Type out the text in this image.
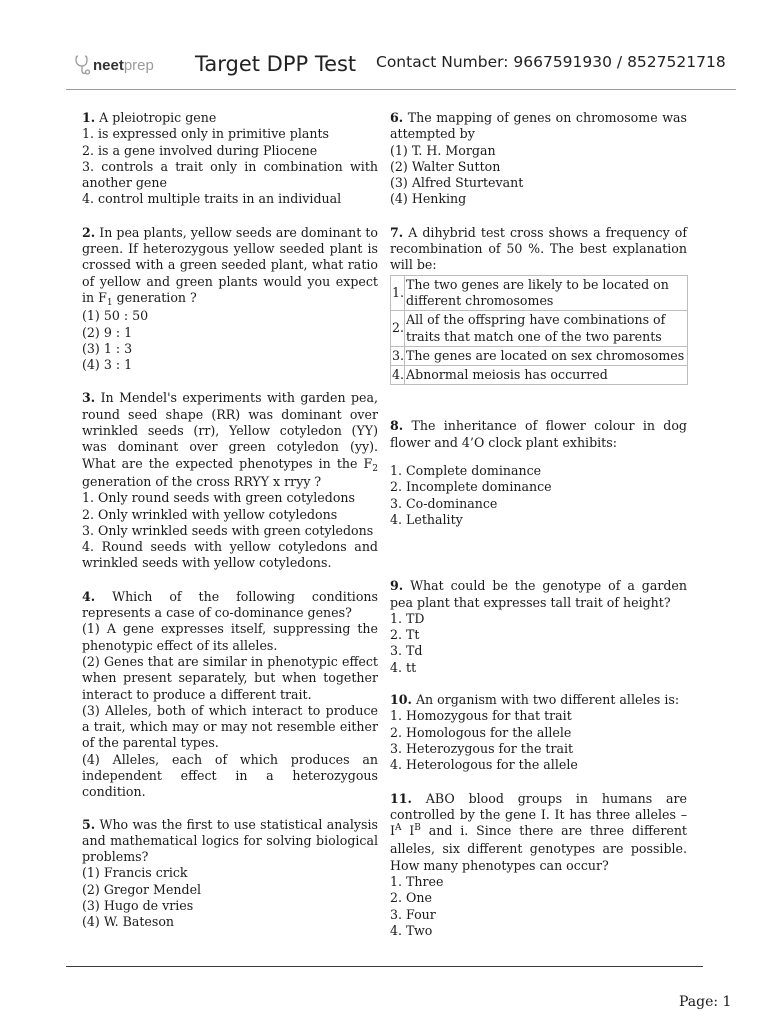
neet prep Target DPP Test Contact Number: 9667591930 / 8527521718
1. A pleiotropic gene
1. is expressed only in primitive plants
2. is a gene involved during Pliocene
3. controls a trait only in combination with another gene
4. control multiple traits in an individual
2. In pea plants, yellow seeds are dominant to green. If heterozygous yellow seeded plant is crossed with a green seeded plant, what ratio of yellow and green plants would you expect in $F_1$ generation ?
(1) 50 : 50
(2) 9 : 1
(3) 1 : 3
(4) 3 : 1
3. In Mendel's experiments with garden pea, round seed shape (RR) was dominant over wrinkled seeds (rr), Yellow cotyledon (YY) was dominant over green cotyledon (yy). What are the expected phenotypes in the $F_2$ generation of the cross RRYY x rryy ?
1. Only round seeds with green cotyledons
2. Only wrinkled with yellow cotyledons
3. Only wrinkled seeds with green cotyledons
4. Round seeds with yellow cotyledons and wrinkled seeds with yellow cotyledons.
4. Which of the following conditions represents a case of co-dominance genes?
(1) A gene expresses itself, suppressing the phenotypic effect of its alleles.
(2) Genes that are similar in phenotypic effect when present separately, but when together interact to produce a different trait.
(3) Alleles, both of which interact to produce a trait, which may or may not resemble either of the parental types.
(4) Alleles, each of which produces an independent effect in a heterozygous condition.
5. Who was the first to use statistical analysis and mathematical logics for solving biological problems?
(1) Francis crick
(2) Gregor Mendel
(3) Hugo de vries
(4) W. Bateson
6. The mapping of genes on chromosome was attempted by
(1) T. H. Morgan
(2) Walter Sutton
(3) Alfred Sturtevant
(4) Henking
7. A dihybrid test cross shows a frequency of recombination of 50 %. The best explanation will be:
1.	The two genes are likely to be located on different chromosomes
2.	All of the offspring have combinations of traits that match one of the two parents
3.	The genes are located on sex chromosomes
4.	Abnormal meiosis has occurred
8. The inheritance of flower colour in dog flower and 4’O clock plant exhibits:
1. Complete dominance
2. Incomplete dominance
3. Co-dominance
4. Lethality
9. What could be the genotype of a garden pea plant that expresses tall trait of height?
1. TD
2. Tt
3. Td
4. tt
10. An organism with two different alleles is:
1. Homozygous for that trait
2. Homologous for the allele
3. Heterozygous for the trait
4. Heterologous for the allele
11. ABO blood groups in humans are controlled by the gene I. It has three alleles – $I^A$ $I^B$ and i. Since there are three different alleles, six different genotypes are possible. How many phenotypes can occur?
1. Three
2. One
3. Four
4. Two
Page: 1
